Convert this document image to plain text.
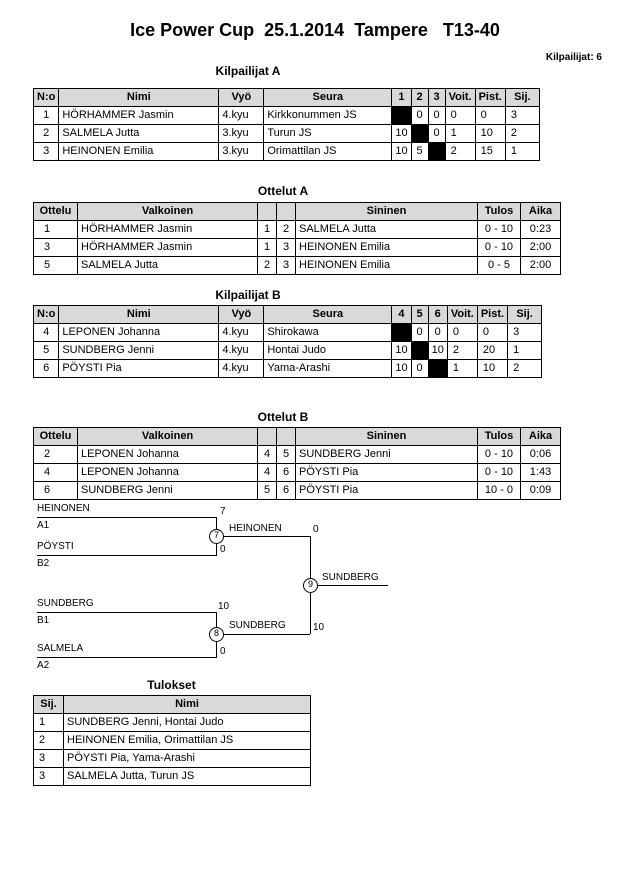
Ice Power Cup  25.1.2014  Tampere   T13-40
Kilpailijat: 6
Kilpailijat A
N:o	Nimi	Vyö	Seura	1	2	3	Voit.	Pist.	Sij.
1	HÖRHAMMER Jasmin	4.kyu	Kirkkonummen JS		0	0	0	0	3
2	SALMELA Jutta	3.kyu	Turun JS	10		0	1	10	2
3	HEINONEN Emilia	3.kyu	Orimattilan JS	10	5		2	15	1
Ottelut A
Ottelu	Valkoinen			Sininen	Tulos	Aika
1	HÖRHAMMER Jasmin	1	2	SALMELA Jutta	0 - 10	0:23
3	HÖRHAMMER Jasmin	1	3	HEINONEN Emilia	0 - 10	2:00
5	SALMELA Jutta	2	3	HEINONEN Emilia	0 - 5	2:00
Kilpailijat B
N:o	Nimi	Vyö	Seura	4	5	6	Voit.	Pist.	Sij.
4	LEPONEN Johanna	4.kyu	Shirokawa		0	0	0	0	3
5	SUNDBERG Jenni	4.kyu	Hontai Judo	10		10	2	20	1
6	PÖYSTI Pia	4.kyu	Yama-Arashi	10	0		1	10	2
Ottelut B
Ottelu	Valkoinen			Sininen	Tulos	Aika
2	LEPONEN Johanna	4	5	SUNDBERG Jenni	0 - 10	0:06
4	LEPONEN Johanna	4	6	PÖYSTI Pia	0 - 10	1:43
6	SUNDBERG Jenni	5	6	PÖYSTI Pia	10 - 0	0:09
HEINONEN
A1
7
PÖYSTI
B2
0
7
HEINONEN
SUNDBERG
B1
10
SALMELA
A2
0
8
SUNDBERG
0
10
9
SUNDBERG
Tulokset
Sij.	Nimi
1	SUNDBERG Jenni, Hontai Judo
2	HEINONEN Emilia, Orimattilan JS
3	PÖYSTI Pia, Yama-Arashi
3	SALMELA Jutta, Turun JS
